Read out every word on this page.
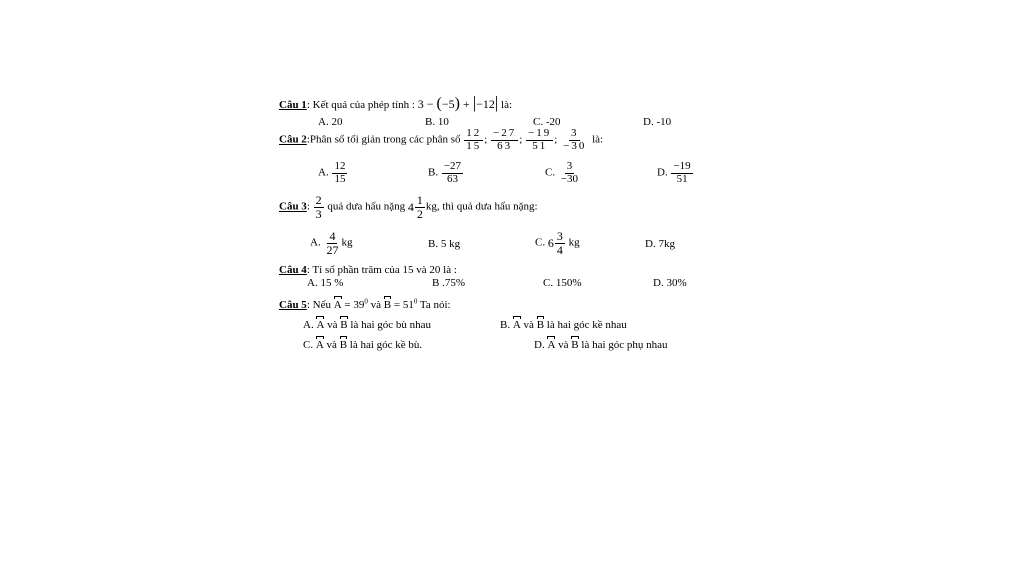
Câu 1: Kết quả của phép tính : 3 − (−5) + |−12| là:
A. 20	B. 10	C. -20	D. -10
Câu 2:Phân số tối giản trong các phân số $\frac{12}{15}$ ; $\frac{-27}{63}$ ; $\frac{-19}{51}$ ; $\frac{3}{-30}$ là:
A. $\frac{12}{15}$	B. $\frac{-27}{63}$	C. $\frac{3}{-30}$	D. $\frac{-19}{51}$
Câu 3: $\frac{2}{3}$ quả dưa hấu nặng $4 \frac{1}{2}$ kg, thì quả dưa hấu nặng:
A. $\frac{4}{27}$ kg	B. 5 kg	C. $6 \frac{3}{4}$ kg	D. 7kg
Câu 4: Tỉ số phần trăm của 15 và 20 là :
A. 15 %	B .75%	C. 150%	D. 30%
Câu 5: Nếu $A = 39^0$ và $B = 51^0$ Ta nói:
A. A và B là hai góc bù nhau	B. A và B là hai góc kề nhau
C. A và B là hai góc kề bù.	D. A và B là hai góc phụ nhau
